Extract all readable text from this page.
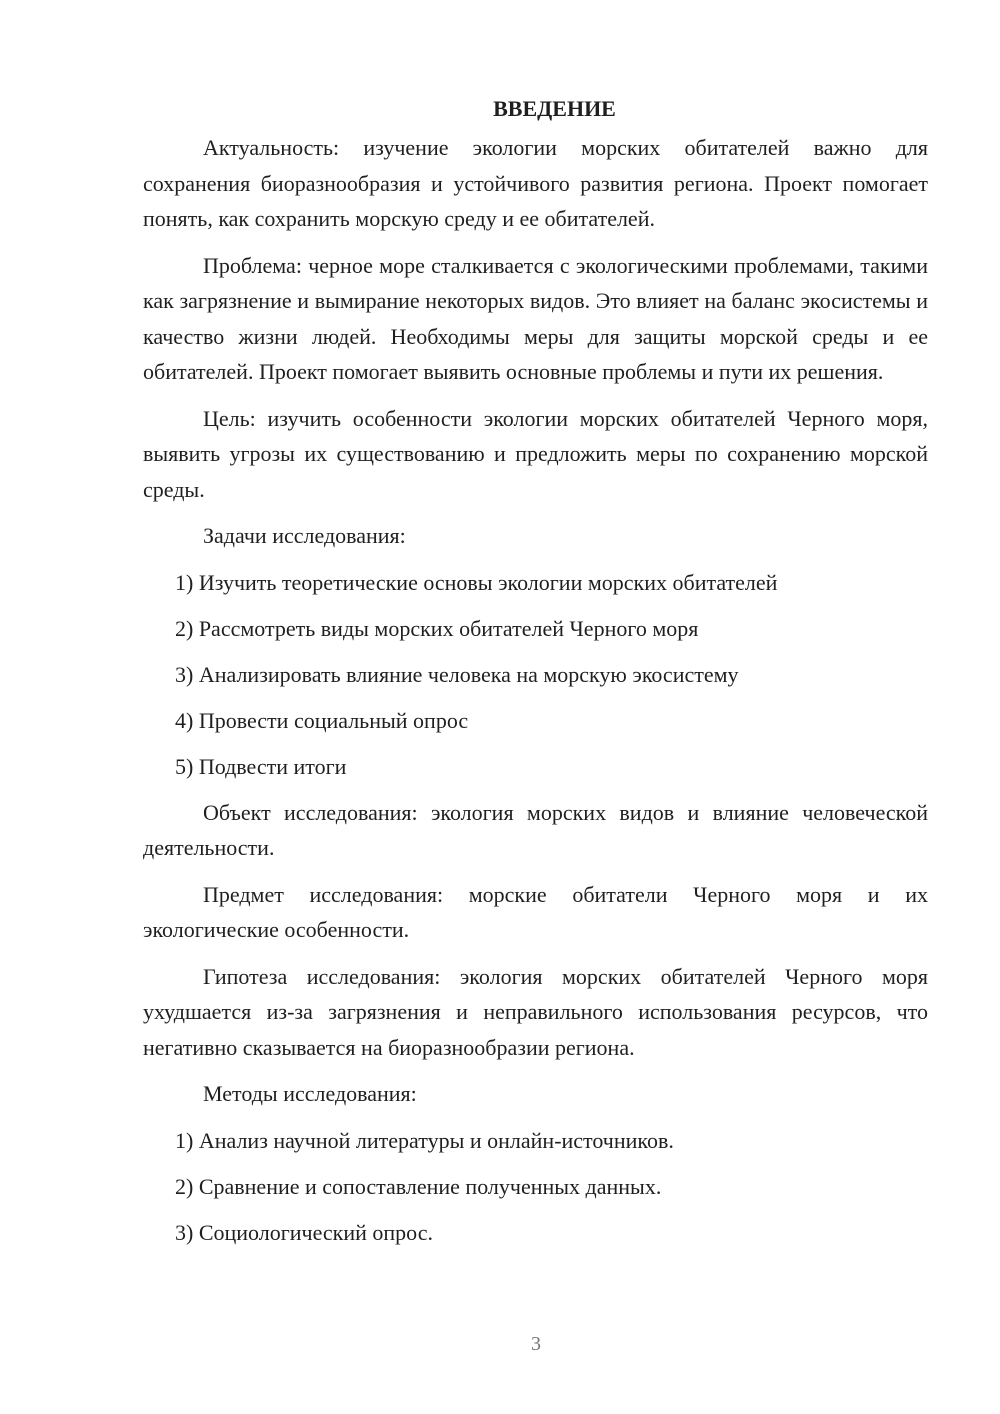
ВВЕДЕНИЕ

Актуальность: изучение экологии морских обитателей важно для сохранения биоразнообразия и устойчивого развития региона. Проект помогает понять, как сохранить морскую среду и ее обитателей.

Проблема: черное море сталкивается с экологическими проблемами, такими как загрязнение и вымирание некоторых видов. Это влияет на баланс экосистемы и качество жизни людей. Необходимы меры для защиты морской среды и ее обитателей. Проект помогает выявить основные проблемы и пути их решения.

Цель: изучить особенности экологии морских обитателей Черного моря, выявить угрозы их существованию и предложить меры по сохранению морской среды.

Задачи исследования:

1) Изучить теоретические основы экологии морских обитателей
2) Рассмотреть виды морских обитателей Черного моря
3) Анализировать влияние человека на морскую экосистему
4) Провести социальный опрос
5) Подвести итоги

Объект исследования: экология морских видов и влияние человеческой деятельности.

Предмет исследования: морские обитатели Черного моря и их экологические особенности.

Гипотеза исследования: экология морских обитателей Черного моря ухудшается из-за загрязнения и неправильного использования ресурсов, что негативно сказывается на биоразнообразии региона.

Методы исследования:

1) Анализ научной литературы и онлайн-источников.
2) Сравнение и сопоставление полученных данных.
3) Социологический опрос.
3
